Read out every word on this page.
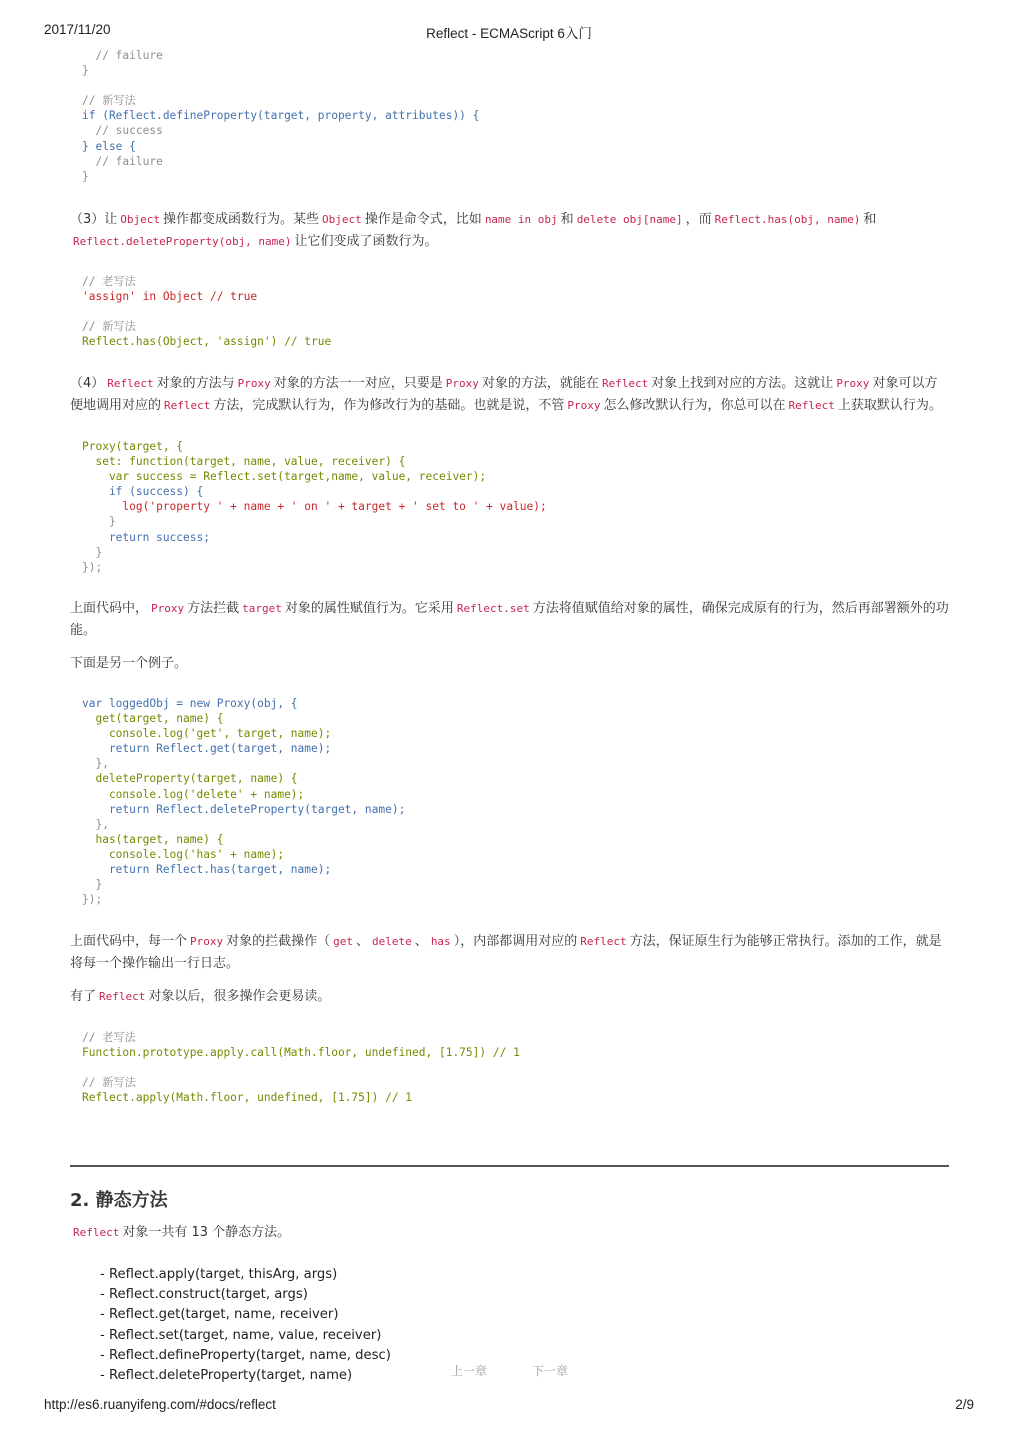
2017/11/20	Reflect - ECMAScript 6入门
// failure
}

// 新写法
if (Reflect.defineProperty(target, property, attributes)) {
// success
} else {
// failure
}

（3）让 Object 操作都变成函数行为。某些 Object 操作是命令式，比如 name in obj 和 delete obj[name] ，而 Reflect.has(obj, name) 和
Reflect.deleteProperty(obj, name) 让它们变成了函数行为。

// 老写法
'assign' in Object // true

// 新写法
Reflect.has(Object, 'assign') // true

（4） Reflect 对象的方法与 Proxy 对象的方法一一对应，只要是 Proxy 对象的方法，就能在 Reflect 对象上找到对应的方法。这就让 Proxy 对象可以方便地调用对应的 Reflect 方法，完成默认行为，作为修改行为的基础。也就是说，不管 Proxy 怎么修改默认行为，你总可以在 Reflect 上获取默认行为。

Proxy(target, {
set: function(target, name, value, receiver) {
var success = Reflect.set(target,name, value, receiver);
if (success) {
log('property ' + name + ' on ' + target + ' set to ' + value);
}
return success;
}
});

上面代码中， Proxy 方法拦截 target 对象的属性赋值行为。它采用 Reflect.set 方法将值赋值给对象的属性，确保完成原有的行为，然后再部署额外的功能。

下面是另一个例子。

var loggedObj = new Proxy(obj, {
get(target, name) {
console.log('get', target, name);
return Reflect.get(target, name);
},
deleteProperty(target, name) {
console.log('delete' + name);
return Reflect.deleteProperty(target, name);
},
has(target, name) {
console.log('has' + name);
return Reflect.has(target, name);
}
});

上面代码中，每一个 Proxy 对象的拦截操作（ get 、 delete 、 has ），内部都调用对应的 Reflect 方法，保证原生行为能够正常执行。添加的工作，就是将每一个操作输出一行日志。

有了 Reflect 对象以后，很多操作会更易读。

// 老写法
Function.prototype.apply.call(Math.floor, undefined, [1.75]) // 1

// 新写法
Reflect.apply(Math.floor, undefined, [1.75]) // 1
2. 静态方法

Reflect 对象一共有 13 个静态方法。

- Reflect.apply(target, thisArg, args)
- Reflect.construct(target, args)
- Reflect.get(target, name, receiver)
- Reflect.set(target, name, value, receiver)
- Reflect.defineProperty(target, name, desc)
- Reflect.deleteProperty(target, name)	上一章	下一章
http://es6.ruanyifeng.com/#docs/reflect	2/9
